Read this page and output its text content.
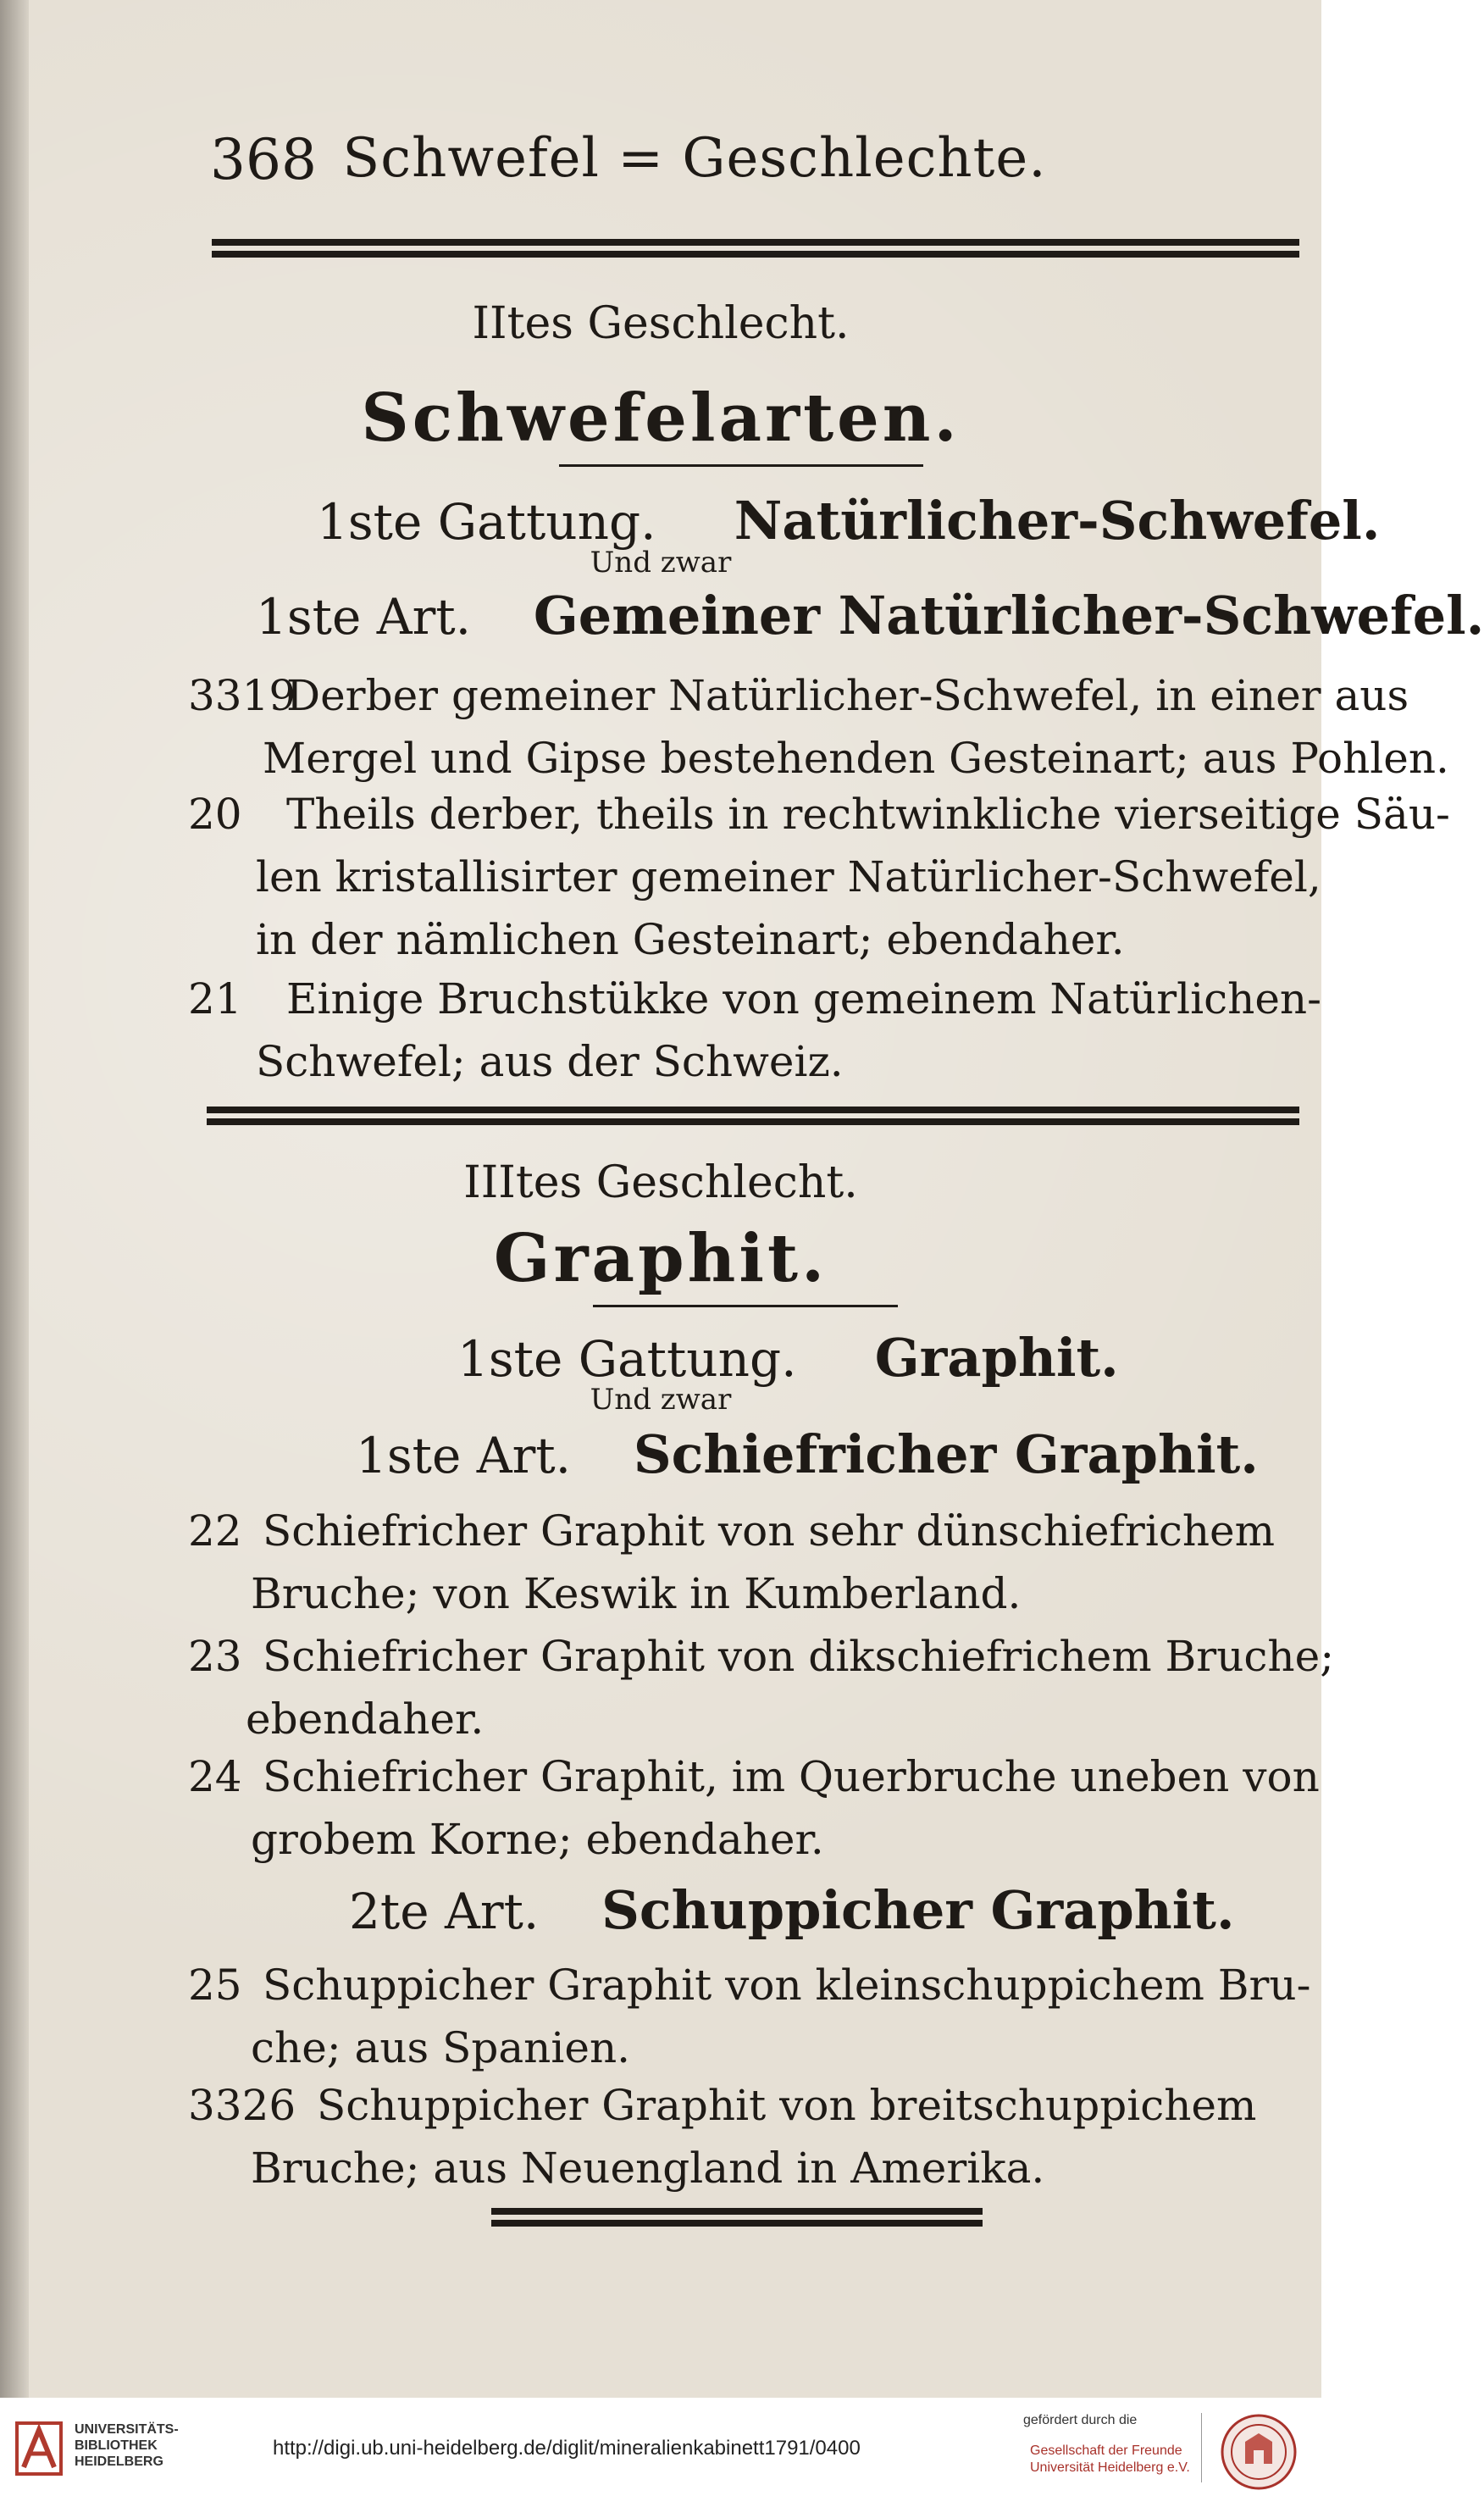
368 Schwefel = Geschlechte.
IItes Geschlecht.
Schwefelarten.
1ste Gattung. Natürlicher-Schwefel.
Und zwar
1ste Art. Gemeiner Natürlicher-Schwefel.
3319
Derber gemeiner Natürlicher-Schwefel, in einer aus
Mergel und Gipse bestehenden Gesteinart; aus Pohlen.
20	Theils derber, theils in rechtwinkliche vierseitige Säu-
len kristallisirter gemeiner Natürlicher-Schwefel,
in der nämlichen Gesteinart; ebendaher.
21	Einige Bruchstükke von gemeinem Natürlichen-
Schwefel; aus der Schweiz.
IIItes Geschlecht.
Graphit.
1ste Gattung. Graphit.
Und zwar
1ste Art. Schiefricher Graphit.
22 Schiefricher Graphit von sehr dünschiefrichem
Bruche; von Keswik in Kumberland.
23 Schiefricher Graphit von dikschiefrichem Bruche;
ebendaher.
24 Schiefricher Graphit, im Querbruche uneben von
grobem Korne; ebendaher.
2te Art. Schuppicher Graphit.
25 Schuppicher Graphit von kleinschuppichem Bru-
che; aus Spanien.
3326 Schuppicher Graphit von breitschuppichem
Bruche; aus Neuengland in Amerika.
UNIVERSITÄTS-
BIBLIOTHEK
HEIDELBERG
http://digi.ub.uni-heidelberg.de/diglit/mineralienkabinett1791/0400
gefördert durch die
Gesellschaft der Freunde
Universität Heidelberg e.V.
